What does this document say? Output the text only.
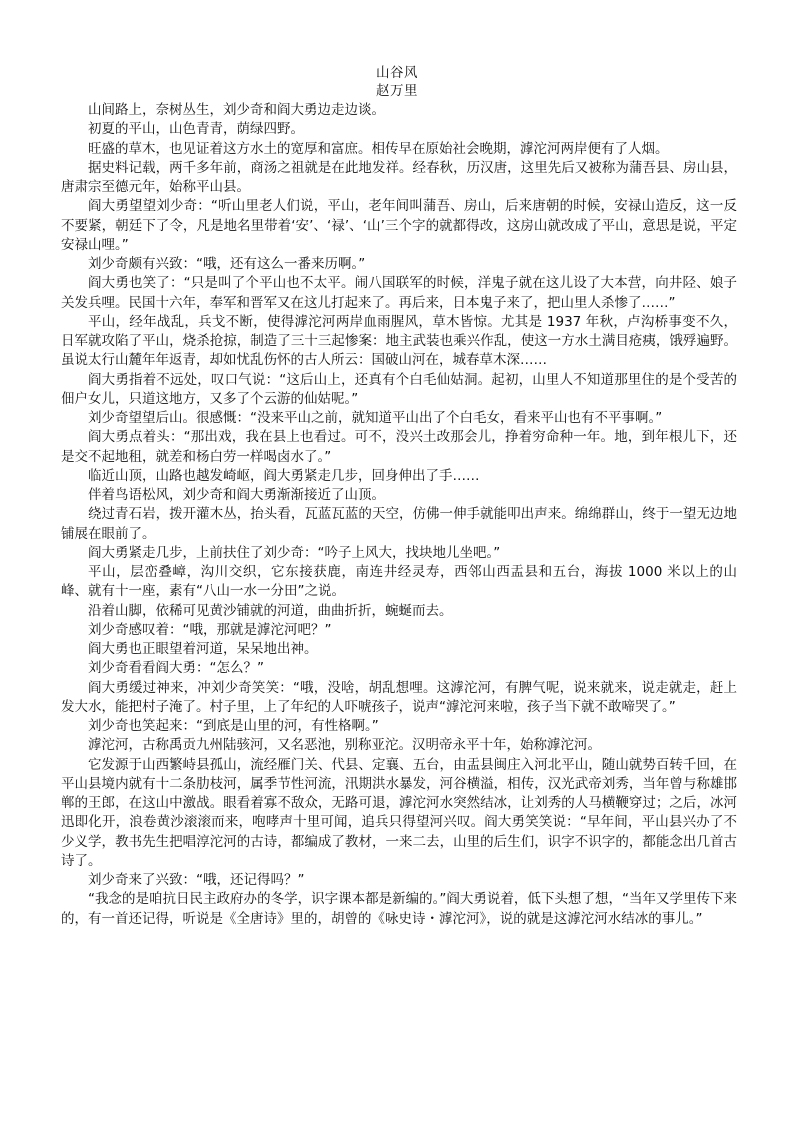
山谷风
赵万里

山间路上，奈树丛生，刘少奇和阎大勇边走边谈。

初夏的平山，山色青青，荫绿四野。

旺盛的草木，也见证着这方水土的宽厚和富庶。相传早在原始社会晚期，滹沱河两岸便有了人烟。

据史料记载，两千多年前，商汤之祖就是在此地发祥。经春秋，历汉唐，这里先后又被称为蒲吾县、房山县，唐肃宗至德元年，始称平山县。

阎大勇望望刘少奇：“听山里老人们说，平山，老年间叫蒲吾、房山，后来唐朝的时候，安禄山造反，这一反不要紧，朝廷下了令，凡是地名里带着‘安’、‘禄’、‘山’三个字的就都得改，这房山就改成了平山，意思是说，平定安禄山哩。”

刘少奇颇有兴致：“哦，还有这么一番来历啊。”

阎大勇也笑了：“只是叫了个平山也不太平。闹八国联军的时候，洋鬼子就在这儿设了大本营，向井陉、娘子关发兵哩。民国十六年，奉军和晋军又在这儿打起来了。再后来，日本鬼子来了，把山里人杀惨了……”

平山，经年战乱，兵戈不断，使得滹沱河两岸血雨腥风，草木皆惊。尤其是 1937 年秋，卢沟桥事变不久，日军就攻陷了平山，烧杀抢掠，制造了三十三起惨案：地主武装也乘兴作乱，使这一方水土满目疮痍，饿殍遍野。虽说太行山麓年年返青，却如忧乱伤怀的古人所云：国破山河在，城春草木深……

阎大勇指着不远处，叹口气说：“这后山上，还真有个白毛仙姑洞。起初，山里人不知道那里住的是个受苦的佃户女儿，只道这地方，又多了个云游的仙姑呢。”

刘少奇望望后山。很感慨：“没来平山之前，就知道平山出了个白毛女，看来平山也有不平事啊。”

阎大勇点着头：“那出戏，我在县上也看过。可不，没兴土改那会儿，挣着穷命种一年。地，到年根儿下，还是交不起地租，就差和杨白劳一样喝卤水了。”

临近山顶，山路也越发崎岖，阎大勇紧走几步，回身伸出了手……

伴着鸟语松风，刘少奇和阎大勇渐渐接近了山顶。

绕过青石岩，拨开灌木丛，抬头看，瓦蓝瓦蓝的天空，仿佛一伸手就能叩出声来。绵绵群山，终于一望无边地铺展在眼前了。

阎大勇紧走几步，上前扶住了刘少奇：“吟子上风大，找块地儿坐吧。”

平山，层峦叠嶂，沟川交织，它东接获鹿，南连井经灵寿，西邻山西盂县和五台，海拔 1000 米以上的山峰、就有十一座，素有“八山一水一分田”之说。

沿着山脚，依稀可见黄沙铺就的河道，曲曲折折，蜿蜒而去。

刘少奇感叹着：“哦，那就是滹沱河吧？”

阎大勇也正眼望着河道，呆呆地出神。

刘少奇看看阎大勇：“怎么？”

阎大勇缓过神来，冲刘少奇笑笑：“哦，没啥，胡乱想哩。这滹沱河，有脾气呢，说来就来，说走就走，赶上发大水，能把村子淹了。村子里，上了年纪的人吓唬孩子，说声“滹沱河来啦，孩子当下就不敢啼哭了。”

刘少奇也笑起来：“到底是山里的河，有性格啊。”

滹沱河，古称禹贡九州陆骇河，又名恶池，别称亚沱。汉明帝永平十年，始称滹沱河。

它发源于山西繁峙县孤山，流经雁门关、代县、定襄、五台，由盂县闽庄入河北平山，随山就势百转千回，在平山县境内就有十二条肋枝河，属季节性河流，汛期洪水暴发，河谷横溢，相传，汉光武帝刘秀，当年曾与称雄邯郸的王郎，在这山中激战。眼看着寡不敌众，无路可退，滹沱河水突然结冰，让刘秀的人马横鞭穿过；之后，冰河迅即化开，浪卷黄沙滚滚而来，咆哮声十里可闻，追兵只得望河兴叹。阎大勇笑笑说：“早年间，平山县兴办了不少义学，教书先生把唱淳沱河的古诗，都编成了教材，一来二去，山里的后生们，识字不识字的，都能念出几首古诗了。

刘少奇来了兴致：“哦，还记得吗？”

“我念的是咱抗日民主政府办的冬学，识字课本都是新编的。”阎大勇说着，低下头想了想，“当年又学里传下来的，有一首还记得，听说是《全唐诗》里的，胡曾的《咏史诗・滹沱河》，说的就是这滹沱河水结冰的事儿。”
